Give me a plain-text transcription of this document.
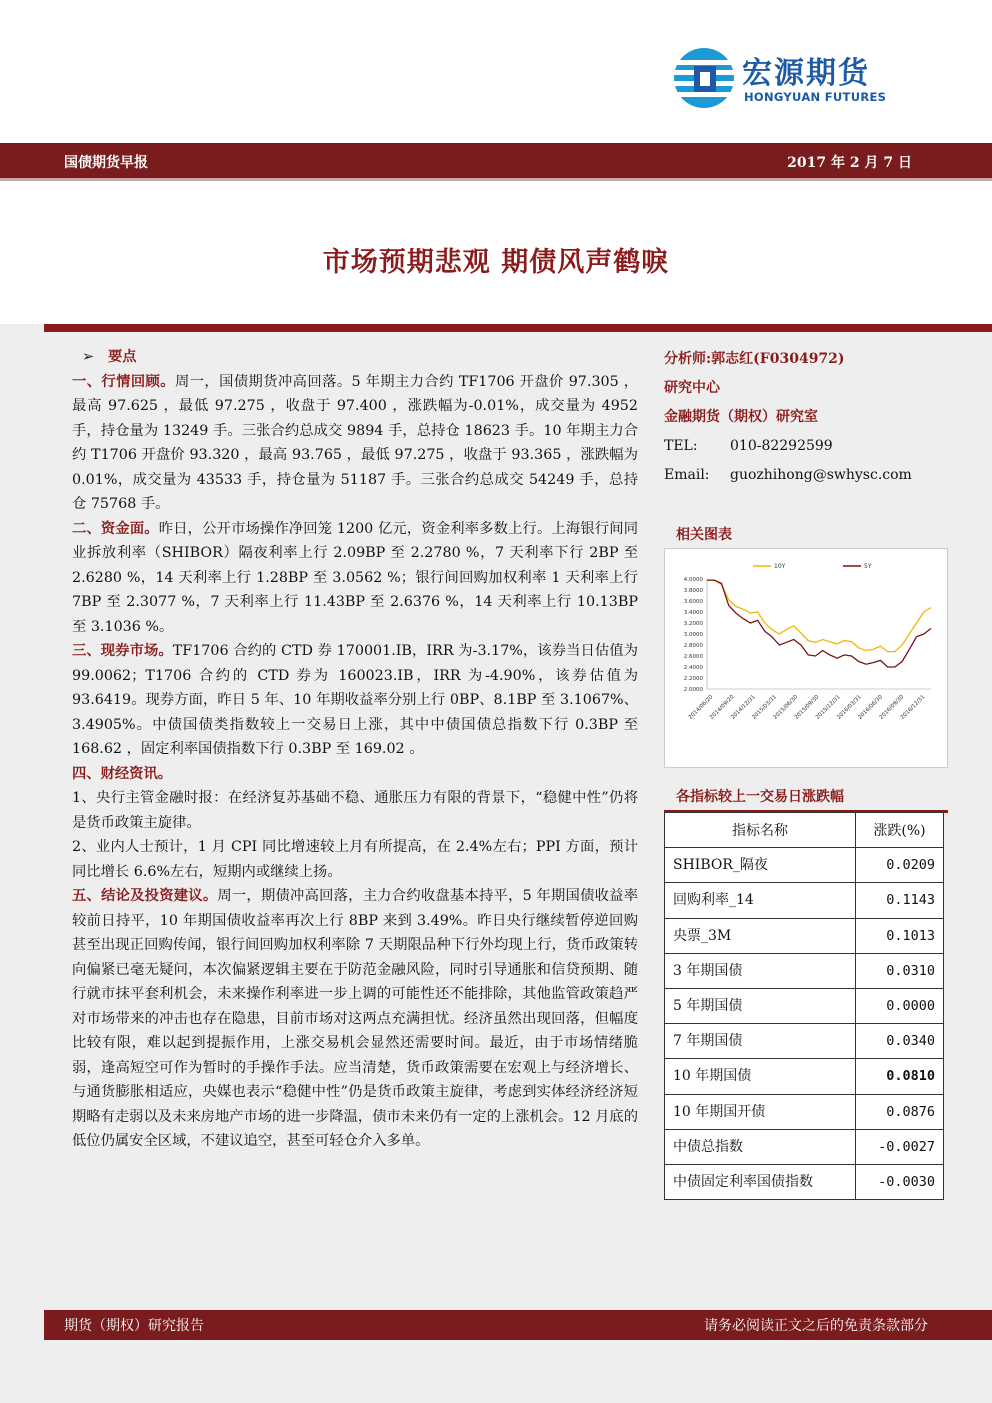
宏源期货
HONGYUAN FUTURES
国债期货早报	2017 年 2 月 7 日
市场预期悲观 期债风声鹤唳

➢ 要点

一、行情回顾。周一，国债期货冲高回落。5 年期主力合约 TF1706 开盘价 97.305 ，最高 97.625 ，最低 97.275 ，收盘于 97.400 ，涨跌幅为-0.01%，成交量为 4952 手，持仓量为 13249 手。三张合约总成交 9894 手，总持仓 18623 手。10 年期主力合约 T1706 开盘价 93.320 ，最高 93.765 ，最低 97.275 ，收盘于 93.365 ，涨跌幅为 0.01%，成交量为 43533 手，持仓量为 51187 手。三张合约总成交 54249 手，总持仓 75768 手。

二、资金面。昨日，公开市场操作净回笼 1200 亿元，资金利率多数上行。上海银行间同业拆放利率（SHIBOR）隔夜利率上行 2.09BP 至 2.2780 %，7 天利率下行 2BP 至 2.6280 %，14 天利率上行 1.28BP 至 3.0562 %；银行间回购加权利率 1 天利率上行 7BP 至 2.3077 %，7 天利率上行 11.43BP 至 2.6376 %，14 天利率上行 10.13BP 至 3.1036 %。

三、现券市场。TF1706 合约的 CTD 券 170001.IB，IRR 为-3.17%，该券当日估值为 99.0062；T1706 合约的 CTD 券为 160023.IB，IRR 为-4.90%，该券估值为 93.6419。现券方面，昨日 5 年、10 年期收益率分别上行 0BP、8.1BP 至 3.1067%、3.4905%。中债国债类指数较上一交易日上涨，其中中债国债总指数下行 0.3BP 至 168.62 ，固定利率国债指数下行 0.3BP 至 169.02 。

四、财经资讯。

1、央行主管金融时报：在经济复苏基础不稳、通胀压力有限的背景下，“稳健中性”仍将是货币政策主旋律。

2、业内人士预计，1 月 CPI 同比增速较上月有所提高，在 2.4%左右；PPI 方面，预计同比增长 6.6%左右，短期内或继续上扬。

五、结论及投资建议。周一，期债冲高回落，主力合约收盘基本持平，5 年期国债收益率较前日持平，10 年期国债收益率再次上行 8BP 来到 3.49%。昨日央行继续暂停逆回购甚至出现正回购传闻，银行间回购加权利率除 7 天期限品种下行外均现上行，货币政策转向偏紧已毫无疑问，本次偏紧逻辑主要在于防范金融风险，同时引导通胀和信贷预期、随行就市抹平套利机会，未来操作利率进一步上调的可能性还不能排除，其他监管政策趋严对市场带来的冲击也存在隐患，目前市场对这两点充满担忧。经济虽然出现回落，但幅度比较有限，难以起到提振作用，上涨交易机会显然还需要时间。最近，由于市场情绪脆弱，逢高短空可作为暂时的手操作手法。应当清楚，货币政策需要在宏观上与经济增长、与通货膨胀相适应，央媒也表示“稳健中性”仍是货币政策主旋律，考虑到实体经济经济短期略有走弱以及未来房地产市场的进一步降温，债市未来仍有一定的上涨机会。12 月底的低位仍属安全区域，不建议追空，甚至可轻仓介入多单。

分析师:郭志红(F0304972)
研究中心
金融期货（期权）研究室
TEL: 010-82292599
Email: guozhihong@swhysc.com
相关图表
4.0000
3.8000
3.6000
3.4000
3.2000
3.0000
2.8000
2.6000
2.4000
2.2000
2.0000
2014/06/20
2014/09/20
2014/12/31
2015/03/31
2015/06/30
2015/09/30
2015/12/31
2016/03/31
2016/06/30
2016/09/30
2016/12/31
10Y	5Y
各指标较上一交易日涨跌幅
指标名称	涨跌(%)
SHIBOR_隔夜	0.0209
回购利率_14	0.1143
央票_3M	0.1013
3 年期国债	0.0310
5 年期国债	0.0000
7 年期国债	0.0340
10 年期国债	0.0810
10 年期国开债	0.0876
中债总指数	-0.0027
中债固定利率国债指数	-0.0030
期货（期权）研究报告	请务必阅读正文之后的免责条款部分
